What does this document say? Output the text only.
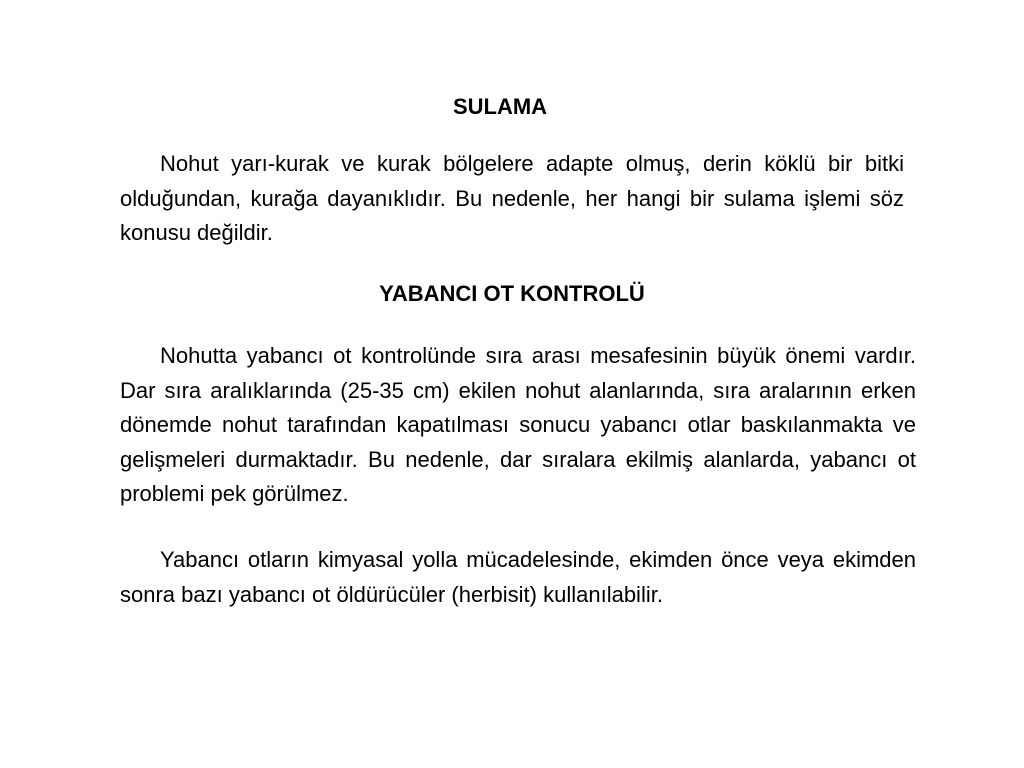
SULAMA

Nohut yarı-kurak ve kurak bölgelere adapte olmuş, derin köklü bir bitki olduğundan, kurağa dayanıklıdır. Bu nedenle, her hangi bir sulama işlemi söz konusu değildir.

YABANCI OT KONTROLÜ

Nohutta yabancı ot kontrolünde sıra arası mesafesinin büyük önemi vardır. Dar sıra aralıklarında (25-35 cm) ekilen nohut alanlarında, sıra aralarının erken dönemde nohut tarafından kapatılması sonucu yabancı otlar baskılanmakta ve gelişmeleri durmaktadır. Bu nedenle, dar sıralara ekilmiş alanlarda, yabancı ot problemi pek görülmez.

Yabancı otların kimyasal yolla mücadelesinde, ekimden önce veya ekimden sonra bazı yabancı ot öldürücüler (herbisit) kullanılabilir.
